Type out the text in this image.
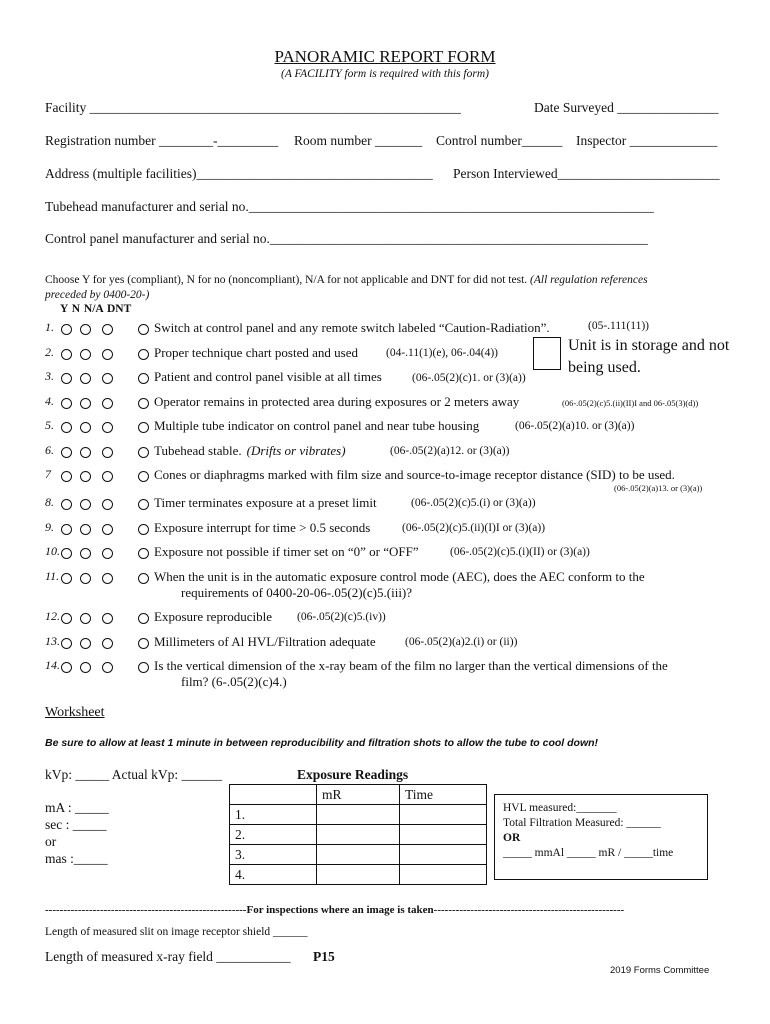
PANORAMIC REPORT FORM
(A FACILITY form is required with this form)
Facility _______________________________________________________	Date Surveyed _______________
Registration number ________-_________ Room number _______ Control number______ Inspector _____________
Address (multiple facilities)___________________________________ Person Interviewed________________________
Tubehead manufacturer and serial no.____________________________________________________________
Control panel manufacturer and serial no.________________________________________________________
Choose Y for yes (compliant), N for no (noncompliant), N/A for not applicable and DNT for did not test. (All regulation references
preceded by 0400-20-)
Y N N/A DNT
Unit is in storage and not being used.
1.	Switch at control panel and any remote switch labeled “Caution-Radiation”.	(05-.111(11))
2.	Proper technique chart posted and used (04-.11(1)(e), 06-.04(4))
3.	Patient and control panel visible at all times	(06-.05(2)(c)1. or (3)(a))
4.	Operator remains in protected area during exposures or 2 meters away	(06-.05(2)(c)5.(ii)(II)I and 06-.05(3)(d))
5.	Multiple tube indicator on control panel and near tube housing	(06-.05(2)(a)10. or (3)(a))
6.	Tubehead stable. (Drifts or vibrates)	(06-.05(2)(a)12. or (3)(a))
7	Cones or diaphragms marked with film size and source-to-image receptor distance (SID) to be used.
(06-.05(2)(a)13. or (3)(a))
8.	Timer terminates exposure at a preset limit	(06-.05(2)(c)5.(i) or (3)(a))
9.	Exposure interrupt for time > 0.5 seconds	(06-.05(2)(c)5.(ii)(I)I or (3)(a))
10.	Exposure not possible if timer set on “0” or “OFF”	(06-.05(2)(c)5.(i)(II) or (3)(a))
11.	When the unit is in the automatic exposure control mode (AEC), does the AEC conform to the
requirements of 0400-20-06-.05(2)(c)5.(iii)?
12.	Exposure reproducible (06-.05(2)(c)5.(iv))
13.	Millimeters of Al HVL/Filtration adequate	(06-.05(2)(a)2.(i) or (ii))
14.	Is the vertical dimension of the x-ray beam of the film no larger than the vertical dimensions of the
film? (6-.05(2)(c)4.)
Worksheet
Be sure to allow at least 1 minute in between reproducibility and filtration shots to allow the tube to cool down!
kVp: _____ Actual kVp: ______	Exposure Readings
mA : _____
sec : _____
or
mas :_____
	mR	Time
1.		
2.		
3.		
4.		
HVL measured:_______
Total Filtration Measured: ______
OR
_____ mmAl _____ mR / _____time
-------------------------------------------------------For inspections where an image is taken----------------------------------------------------
Length of measured slit on image receptor shield ______
Length of measured x-ray field ___________ P15
2019 Forms Committee
